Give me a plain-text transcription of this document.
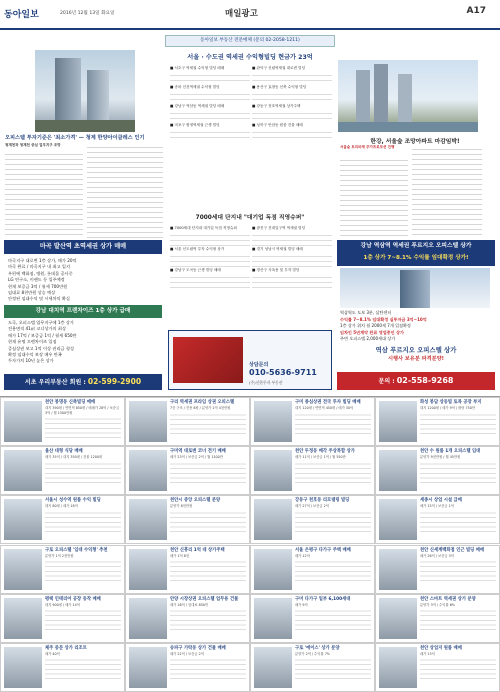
동아일보	2016년 12월 13일 화요일	매일광고	A17
동아일보 부동산 전문매체 (문의 02-2058-1211)
오피스텔 투자기준은 '최소가격' — 청계 한양아이클레스 인기
청계천과 청계천 중심 업무지구 조망
마곡 발산역 초역세권 상가 매매
마곡지구 대로변 1층 상가, 매가 20억
마곡 완료 / 마곡지구 내 최고 입지
우편에 백화점, 병원, 롯데몰 공사중
LG 연구소, 이랜드 등 입주예정
현재 보증금 3억 / 월세 700만원
임대료 8천만원 상승 예상
안정된 임대수익 및 시세차익 확실
강남 대치역 프렌차이즈 1층 상가 급매
도곡, 오피스텔 업무지구에 1층 상가
전용면적 41㎡ 코너상가의 최상
매가 17억 / 보증금 1억 / 월세 650만
현재 유명 프렌차이즈 입점
증심상권 보고 1억 이상 권리금 형성
확정 임대수익 보장 매우 만족
투자가치 10년 높은 상가
서초 우리부동산 회원 : 02-599-2900
서울 · 수도권 역세권 수익형빌딩 현금가 23억
■ 서초구 역세권 수익형 빌딩 매매
■ 송파 신천역세권 수익형 빌딩
■ 강남구 역삼동 역세권 빌딩 매매
■ 마포구 합정역세권 근생 빌딩
■ 관악구 신림역세권 대로변 빌딩
■ 용산구 효창동 신축 수익형 빌딩
■ 강동구 천호역세권 상가주택
■ 성북구 안암동 원룸 건물 매매
7000세대 단지내 "대기업 독점 직영슈퍼"
■ 7000세대 단지내 대기업 독점 직영슈퍼
■ 서울 신도림역 투자 수익형 상가
■ 강남구 도곡동 근생 빌딩 매매
■ 광진구 건대입구역 역세권 빌딩
■ 경기 성남시 역세권 빌딩 매매
■ 경산구 사옥용 및 투자 빌딩
상담문의
010-5636-9711
(주)신한투자 부동산
한강, 서울숲 조망아파트 마감임박!
서울숲 트리마제 추가프로모션 진행
강남 역삼역 역세권 푸르지오 오피스텔 상가
1층 상가 7~8.1% 수익률 임대확정 상가!
역삼역도 도보 3분, 삼탄센터
수익률 7~8.1% 임대확정 실투자금 3억~10억
1층 상가 위치 월 2000세 7개 입점확정
임차인 5년계약 완료 영업중인 상가
주변 오피스텔 2,000세대 상가
역삼 푸르지오 오피스텔 상가
시행사 보유분 파격분양!
문의 : 02-558-9268
천안 봉명동 신축빌딩 매매
대지 390평 / 연면적 850평 / 매매가 28억 / 보증금 3억 / 월 1500만원
구리 역세권 프라임 상권 오피스텔
7층 구조 / 전용 8평 / 분양가 1억 4천만원
구미 종심상권 전국 투자 빌딩 매매
대지 120평 / 연면적 450평 / 매가 30억
화성 봉담 상동빌 토목 공장 부지
대지 1200평 / 매가 9억 / 평당 750만
울산 대형 식당 매매
매가 35억 / 대지 350평 / 건물 1200평
구미역 대로변 코너 전기 매매
매가 23억 / 보증금 2억 / 월 1100만
천안 두정동 매각 주상복합 상가
매가 11억 / 보증금 1억 / 월 550만
천안 수 원룸 1개 오피스텔 임대
분양가 9천만원 / 월 45만원
서울시 성수역 원룸 수익 빌딩
대지 80평 / 매가 18억
천안시 중앙 오피스텔 분양
분양가 8천만원
강동구 천호동 리모델링 빌딩
매가 27억 / 보증금 2억
세종시 상업 시설 급매
매가 15억 / 보증금 1억
구로 오피스텔 '임대 수익형' 추천
분양가 1억 2천만원
천안 신흥리 1억 대 상가주택
매가 1억 8천
서울 은평구 다가구 주택 매매
매가 12억
천안 신세계백화점 인근 빌딩 매매
매가 26억 / 보증금 3억
평택 인테리어 공장 동작 매매
대지 900평 / 매가 14억
안양 시장상권 오피스텔 업무용 건물
매가 16억 / 임대료 850만
구미 다가구 일부 6,100세대
매가 9억
천안 스마트 역세권 상가 분양
분양가 3억 / 수익률 6%
제주 중문 상가 리조트
매가 40억
송파구 가락동 상가 건물 매매
매가 22억 / 보증금 2억
구로 '에이스' 상가 분양
분양가 2억 / 수익률 7%
천안 상업지 원룸 매매
매가 13억
